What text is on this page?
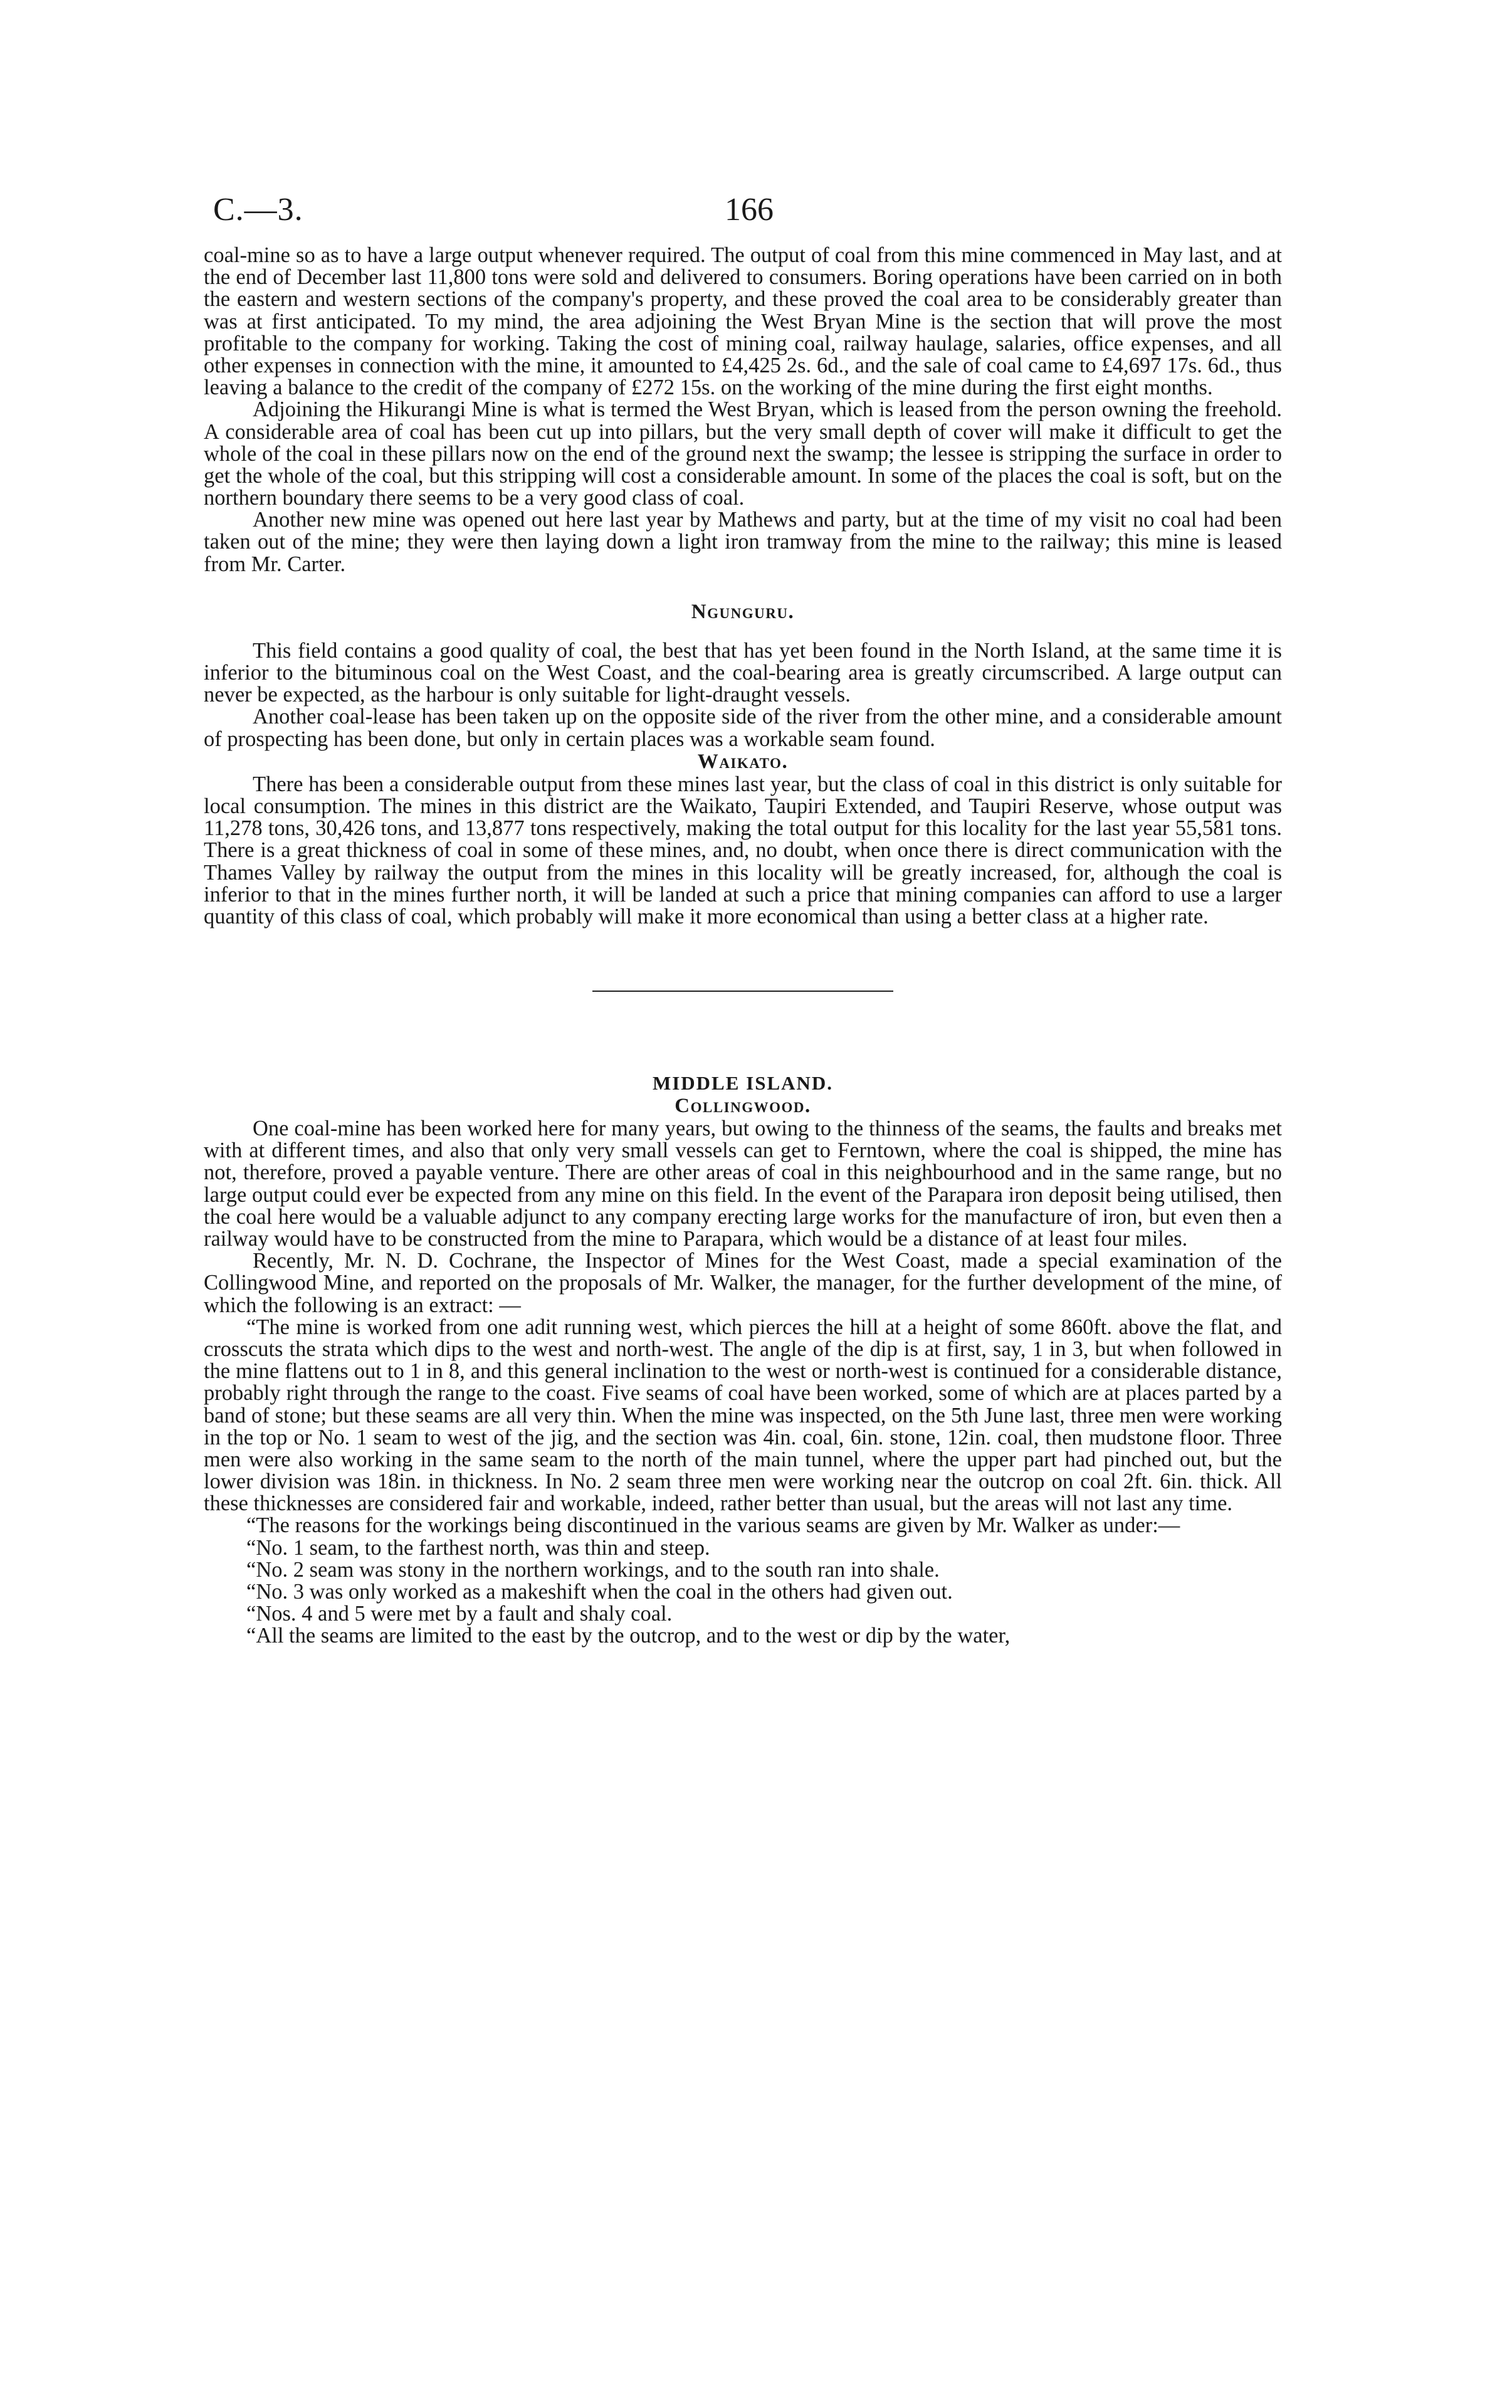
166
C.—3.

coal-mine so as to have a large output whenever required. The output of coal from this mine commenced in May last, and at the end of December last 11,800 tons were sold and delivered to consumers. Boring operations have been carried on in both the eastern and western sections of the company's property, and these proved the coal area to be considerably greater than was at first anticipated. To my mind, the area adjoining the West Bryan Mine is the section that will prove the most profitable to the company for working. Taking the cost of mining coal, railway haulage, salaries, office expenses, and all other expenses in connection with the mine, it amounted to £4,425 2s. 6d., and the sale of coal came to £4,697 17s. 6d., thus leaving a balance to the credit of the company of £272 15s. on the working of the mine during the first eight months.

Adjoining the Hikurangi Mine is what is termed the West Bryan, which is leased from the person owning the freehold. A considerable area of coal has been cut up into pillars, but the very small depth of cover will make it difficult to get the whole of the coal in these pillars now on the end of the ground next the swamp; the lessee is stripping the surface in order to get the whole of the coal, but this stripping will cost a considerable amount. In some of the places the coal is soft, but on the northern boundary there seems to be a very good class of coal.

Another new mine was opened out here last year by Mathews and party, but at the time of my visit no coal had been taken out of the mine; they were then laying down a light iron tramway from the mine to the railway; this mine is leased from Mr. Carter.

Ngunguru.

This field contains a good quality of coal, the best that has yet been found in the North Island, at the same time it is inferior to the bituminous coal on the West Coast, and the coal-bearing area is greatly circumscribed. A large output can never be expected, as the harbour is only suitable for light-draught vessels.

Another coal-lease has been taken up on the opposite side of the river from the other mine, and a considerable amount of prospecting has been done, but only in certain places was a workable seam found.

Waikato.

There has been a considerable output from these mines last year, but the class of coal in this district is only suitable for local consumption. The mines in this district are the Waikato, Taupiri Extended, and Taupiri Reserve, whose output was 11,278 tons, 30,426 tons, and 13,877 tons respectively, making the total output for this locality for the last year 55,581 tons. There is a great thickness of coal in some of these mines, and, no doubt, when once there is direct communication with the Thames Valley by railway the output from the mines in this locality will be greatly increased, for, although the coal is inferior to that in the mines further north, it will be landed at such a price that mining companies can afford to use a larger quantity of this class of coal, which probably will make it more economical than using a better class at a higher rate.

MIDDLE ISLAND.
Collingwood.

One coal-mine has been worked here for many years, but owing to the thinness of the seams, the faults and breaks met with at different times, and also that only very small vessels can get to Ferntown, where the coal is shipped, the mine has not, therefore, proved a payable venture. There are other areas of coal in this neighbourhood and in the same range, but no large output could ever be expected from any mine on this field. In the event of the Parapara iron deposit being utilised, then the coal here would be a valuable adjunct to any company erecting large works for the manufacture of iron, but even then a railway would have to be constructed from the mine to Parapara, which would be a distance of at least four miles.

Recently, Mr. N. D. Cochrane, the Inspector of Mines for the West Coast, made a special examination of the Collingwood Mine, and reported on the proposals of Mr. Walker, the manager, for the further development of the mine, of which the following is an extract: —

“The mine is worked from one adit running west, which pierces the hill at a height of some 860ft. above the flat, and crosscuts the strata which dips to the west and north-west. The angle of the dip is at first, say, 1 in 3, but when followed in the mine flattens out to 1 in 8, and this general inclination to the west or north-west is continued for a considerable distance, probably right through the range to the coast. Five seams of coal have been worked, some of which are at places parted by a band of stone; but these seams are all very thin. When the mine was inspected, on the 5th June last, three men were working in the top or No. 1 seam to west of the jig, and the section was 4in. coal, 6in. stone, 12in. coal, then mudstone floor. Three men were also working in the same seam to the north of the main tunnel, where the upper part had pinched out, but the lower division was 18in. in thickness. In No. 2 seam three men were working near the outcrop on coal 2ft. 6in. thick. All these thicknesses are considered fair and workable, indeed, rather better than usual, but the areas will not last any time.

“The reasons for the workings being discontinued in the various seams are given by Mr. Walker as under:—

“No. 1 seam, to the farthest north, was thin and steep.

“No. 2 seam was stony in the northern workings, and to the south ran into shale.

“No. 3 was only worked as a makeshift when the coal in the others had given out.

“Nos. 4 and 5 were met by a fault and shaly coal.

“All the seams are limited to the east by the outcrop, and to the west or dip by the water,
